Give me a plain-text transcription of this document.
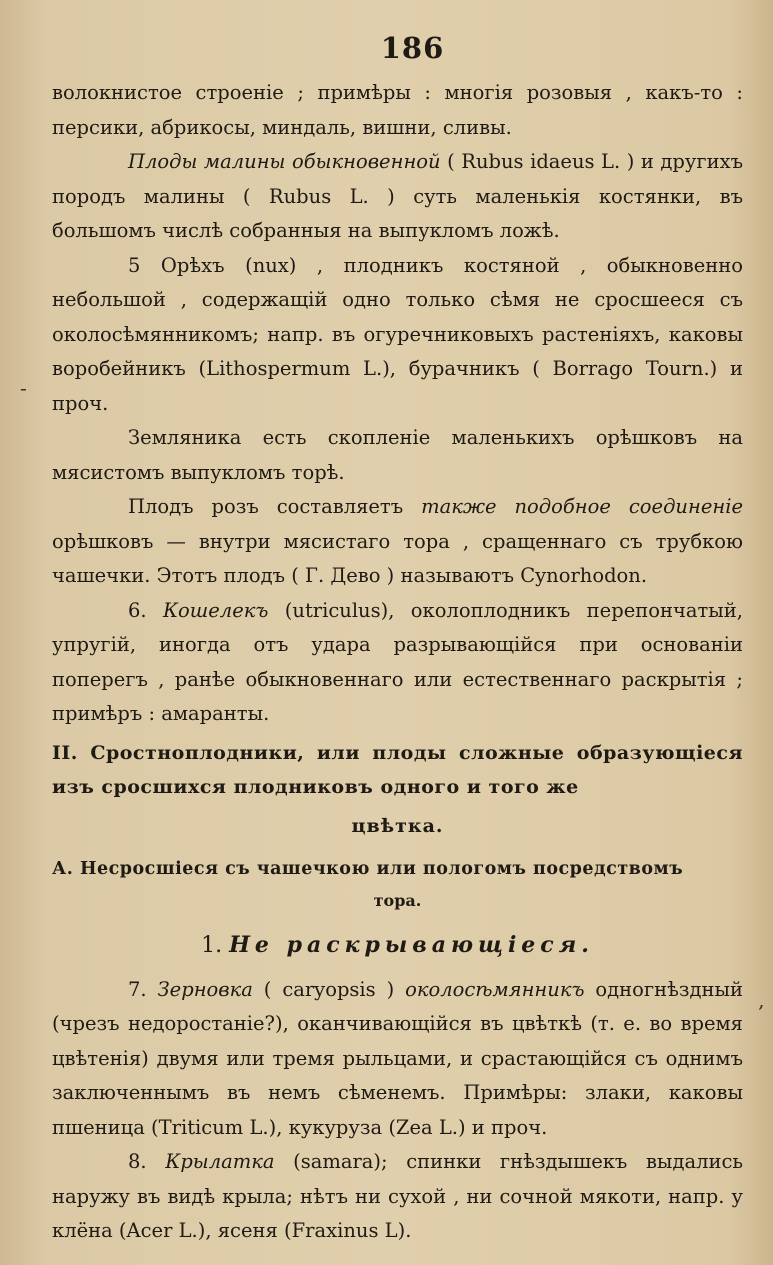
186

волокнистое строеніе ; примѣры : многія розовыя , какъ-то : персики, абрикосы, миндаль, вишни, сливы.

Плоды малины обыкновенной ( Rubus idaeus L. ) и другихъ породъ малины ( Rubus L. ) суть маленькія костянки, въ большомъ числѣ собранныя на выпукломъ ложѣ.

5 Орѣхъ (nux) , плодникъ костяной , обыкновенно небольшой , содержащій одно только сѣмя не сросшееся съ околосѣмянникомъ; напр. въ огуречниковыхъ растеніяхъ, каковы воробейникъ (Lithospermum L.), бурачникъ ( Borrago Tourn.) и проч.

Земляника есть скопленіе маленькихъ орѣшковъ на мясистомъ выпукломъ торѣ.

Плодъ розъ составляетъ также подобное соединеніе орѣшковъ — внутри мясистаго тора , сращеннаго съ трубкою чашечки. Этотъ плодъ ( Г. Дево ) называютъ Cynorhodon.

6. Кошелекъ (utriculus), околоплодникъ перепончатый, упругій, иногда отъ удара разрывающійся при основаніи поперегъ , ранѣе обыкновеннаго или естественнаго раскрытія ; примѣръ : амаранты.

II. Сростноплодники, или плоды сложные образующіеся изъ сросшихся плодниковъ одного и того же

цвѣтка.

А. Несросшіеся съ чашечкою или пологомъ посредствомъ

тора.

1. Не раскрывающіеся.

7. Зерновка ( caryopsis ) околосѣмянникъ одногнѣздный (чрезъ недоростаніе?), оканчивающійся въ цвѣткѣ (т. е. во время цвѣтенія) двумя или тремя рыльцами, и срастающійся съ однимъ заключеннымъ въ немъ сѣменемъ. Примѣры: злаки, каковы пшеница (Triticum L.), кукуруза (Zea L.) и проч.

8. Крылатка (samara); спинки гнѣздышекъ выдались наружу въ видѣ крыла; нѣтъ ни сухой , ни сочной мякоти, напр. у клёна (Acer L.), ясеня (Fraxinus L).

-
‚
